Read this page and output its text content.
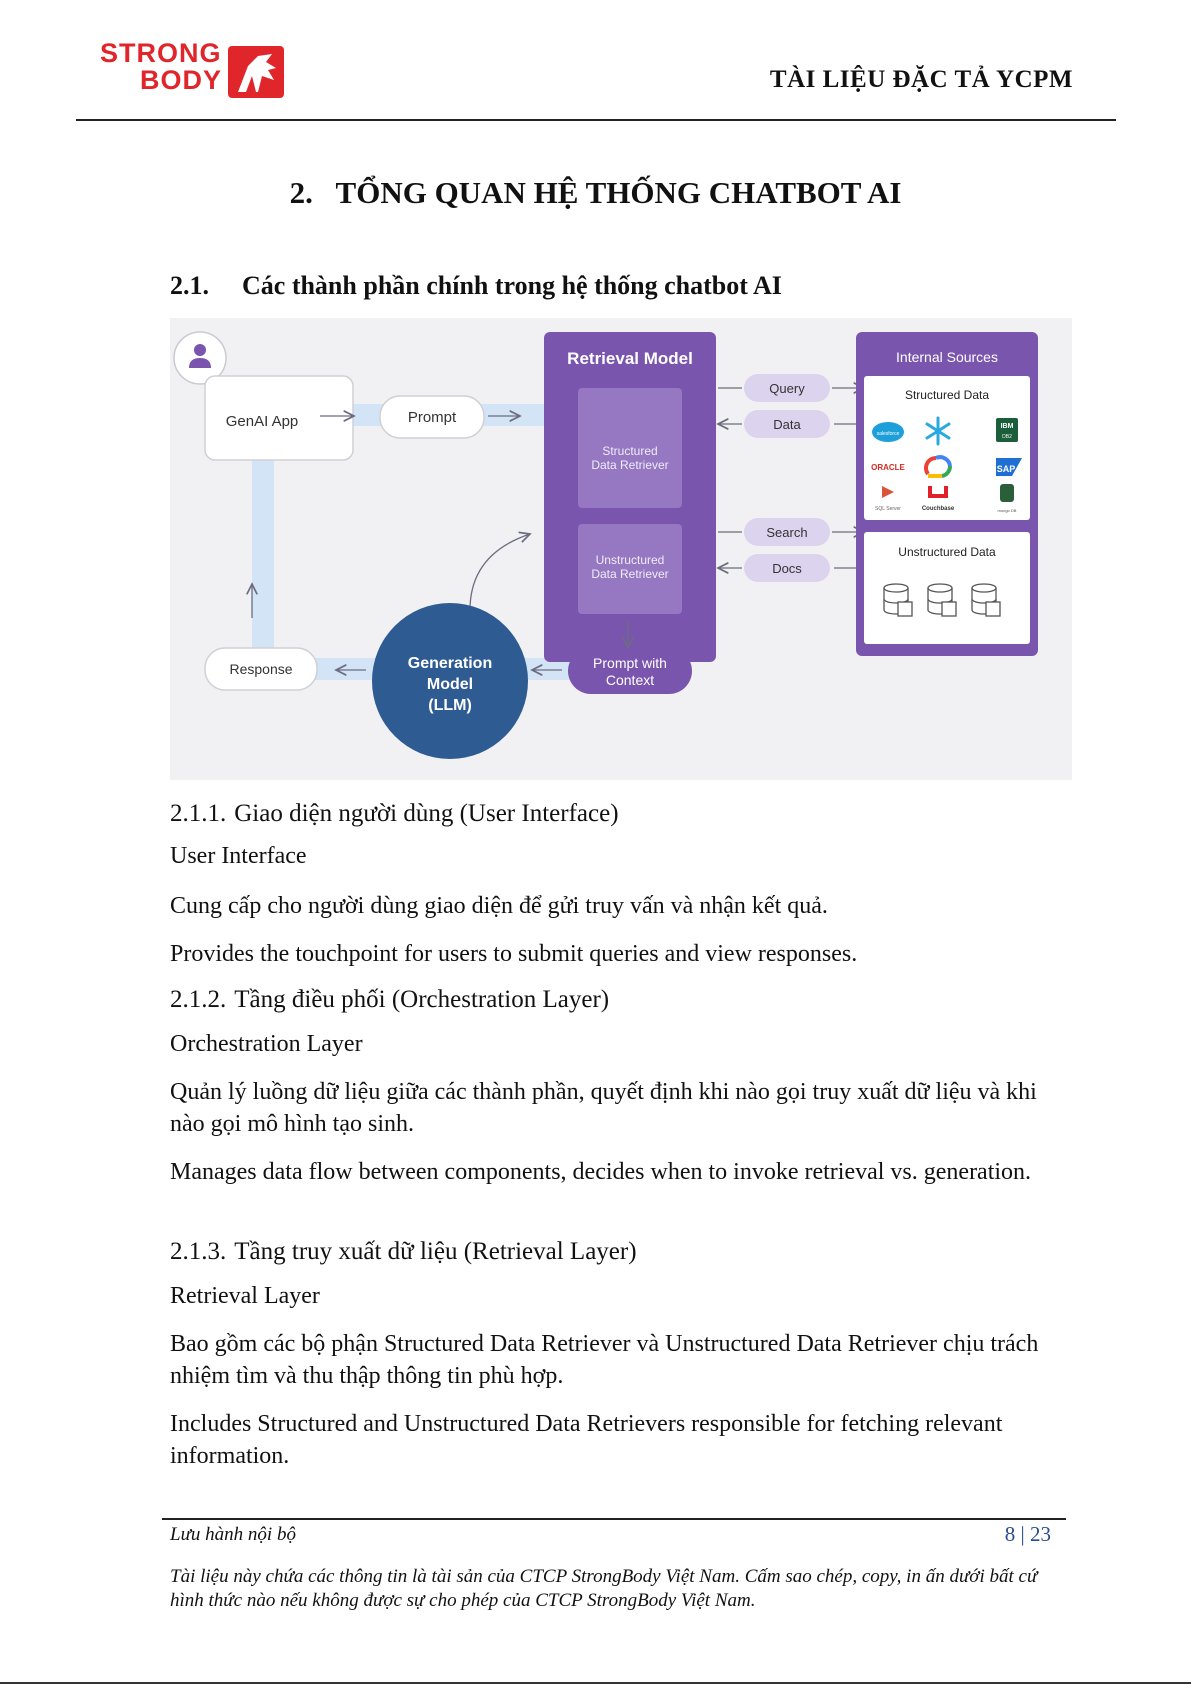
STRONG
BODY	TÀI LIỆU ĐẶC TẢ YCPM
2.   TỔNG QUAN HỆ THỐNG CHATBOT AI
2.1. Các thành phần chính trong hệ thống chatbot AI
Retrieval Model
Structured
Data Retriever
Unstructured
Data Retriever
GenAI App	Prompt
Query
Data
Search
Docs
Internal Sources
Structured Data
salesforce
IBM
DB2
ORACLE	SAP
SQL Server	Couchbase	mongo DB
Unstructured Data
Generation
Model
(LLM)
Prompt with
Context
Response
2.1.1. Giao diện người dùng (User Interface)
User Interface
Cung cấp cho người dùng giao diện để gửi truy vấn và nhận kết quả.
Provides the touchpoint for users to submit queries and view responses.
2.1.2. Tầng điều phối (Orchestration Layer)
Orchestration Layer
Quản lý luồng dữ liệu giữa các thành phần, quyết định khi nào gọi truy xuất dữ liệu và khi nào gọi mô hình tạo sinh.
Manages data flow between components, decides when to invoke retrieval vs. generation.
2.1.3. Tầng truy xuất dữ liệu (Retrieval Layer)
Retrieval Layer
Bao gồm các bộ phận Structured Data Retriever và Unstructured Data Retriever chịu trách nhiệm tìm và thu thập thông tin phù hợp.
Includes Structured and Unstructured Data Retrievers responsible for fetching relevant information.
Lưu hành nội bộ	8 | 23
Tài liệu này chứa các thông tin là tài sản của CTCP StrongBody Việt Nam. Cấm sao chép, copy, in ấn dưới bất cứ hình thức nào nếu không được sự cho phép của CTCP StrongBody Việt Nam.
